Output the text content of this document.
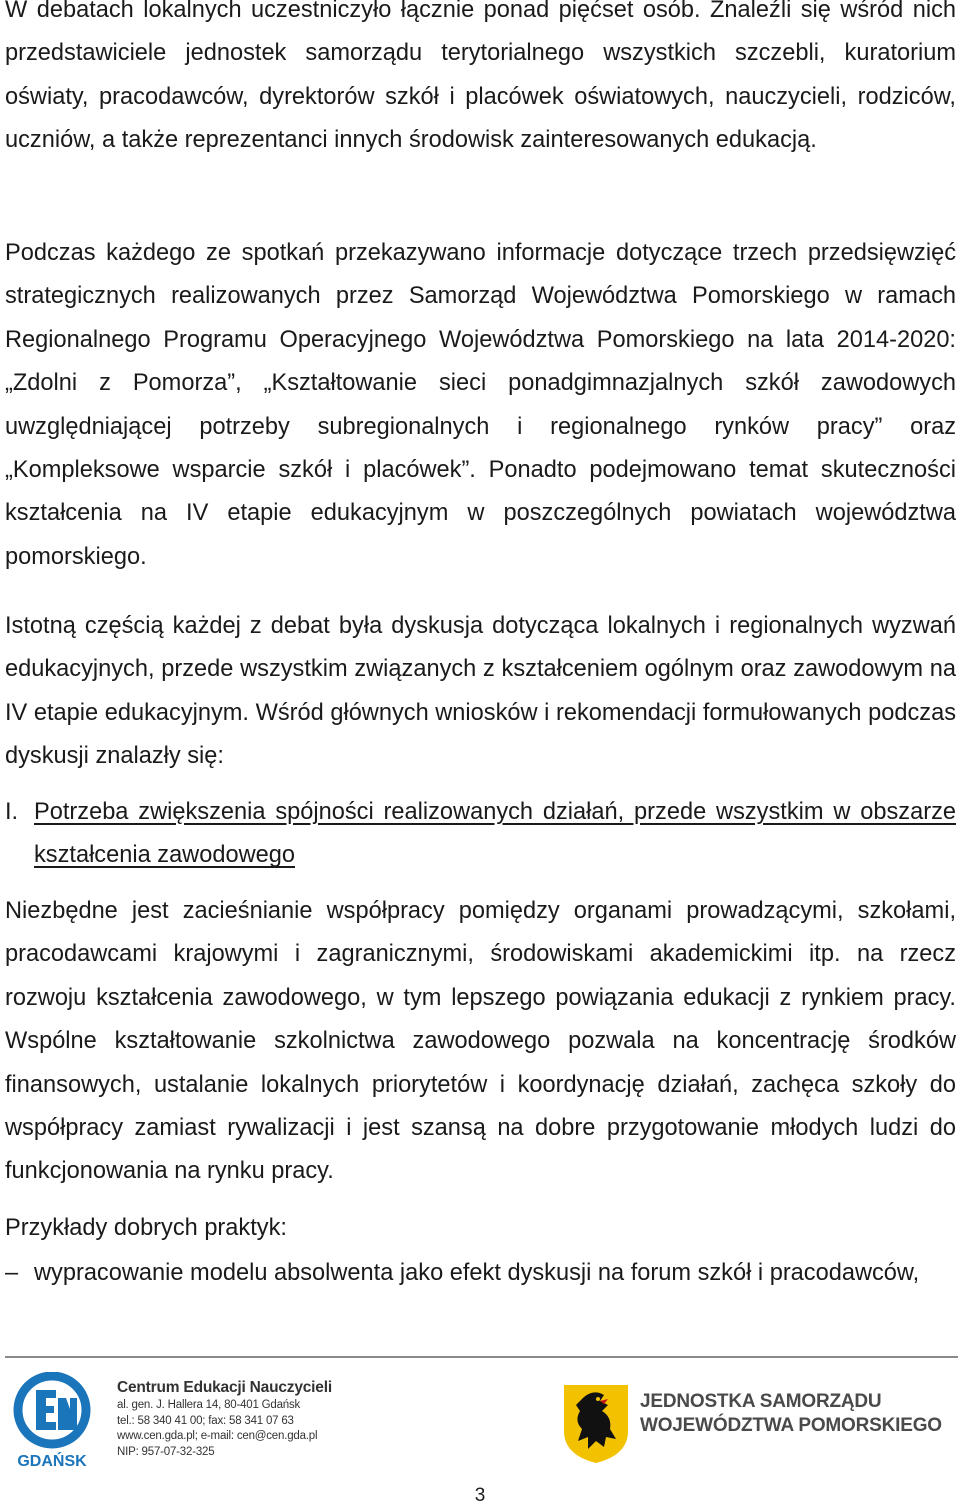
W debatach lokalnych uczestniczyło łącznie ponad pięćset osób. Znaleźli się wśród nich przedstawiciele jednostek samorządu terytorialnego wszystkich szczebli, kuratorium oświaty, pracodawców, dyrektorów szkół i placówek oświatowych, nauczycieli, rodziców, uczniów, a także reprezentanci innych środowisk zainteresowanych edukacją.

Podczas każdego ze spotkań przekazywano informacje dotyczące trzech przedsięwzięć strategicznych realizowanych przez Samorząd Województwa Pomorskiego w ramach Regionalnego Programu Operacyjnego Województwa Pomorskiego na lata 2014-2020: „Zdolni z Pomorza”, „Kształtowanie sieci ponadgimnazjalnych szkół zawodowych uwzględniającej potrzeby subregionalnych i regionalnego rynków pracy” oraz „Kompleksowe wsparcie szkół i placówek”. Ponadto podejmowano temat skuteczności kształcenia na IV etapie edukacyjnym w poszczególnych powiatach województwa pomorskiego.

Istotną częścią każdej z debat była dyskusja dotycząca lokalnych i regionalnych wyzwań edukacyjnych, przede wszystkim związanych z kształceniem ogólnym oraz zawodowym na IV etapie edukacyjnym. Wśród głównych wniosków i rekomendacji formułowanych podczas dyskusji znalazły się:

I. Potrzeba zwiększenia spójności realizowanych działań, przede wszystkim w obszarze kształcenia zawodowego

Niezbędne jest zacieśnianie współpracy pomiędzy organami prowadzącymi, szkołami, pracodawcami krajowymi i zagranicznymi, środowiskami akademickimi itp. na rzecz rozwoju kształcenia zawodowego, w tym lepszego powiązania edukacji z rynkiem pracy. Wspólne kształtowanie szkolnictwa zawodowego pozwala na koncentrację środków finansowych, ustalanie lokalnych priorytetów i koordynację działań, zachęca szkoły do współpracy zamiast rywalizacji i jest szansą na dobre przygotowanie młodych ludzi do funkcjonowania na rynku pracy.

Przykłady dobrych praktyk:
– wypracowanie modelu absolwenta jako efekt dyskusji na forum szkół i pracodawców,
GDAŃSK
Centrum Edukacji Nauczycieli
al. gen. J. Hallera 14, 80-401 Gdańsk
tel.: 58 340 41 00; fax: 58 341 07 63
www.cen.gda.pl; e-mail: cen@cen.gda.pl
NIP: 957-07-32-325
JEDNOSTKA SAMORZĄDU
WOJEWÓDZTWA POMORSKIEGO
3
